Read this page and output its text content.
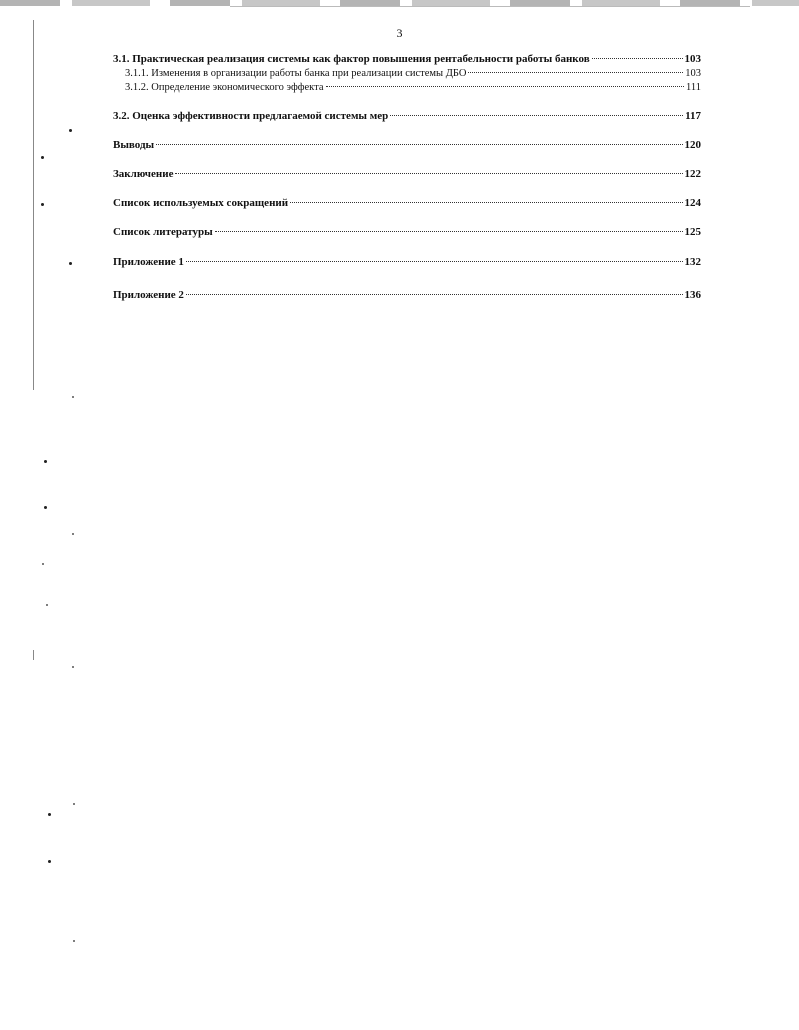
3
3.1. Практическая реализация системы как фактор повышения рентабельности работы банков	103
3.1.1. Изменения в организации работы банка при реализации системы ДБО	103
3.1.2. Определение экономического эффекта	111
3.2. Оценка эффективности предлагаемой системы мер	117
Выводы	120
Заключение	122
Список используемых сокращений	124
Список литературы	125
Приложение 1	132
Приложение 2	136
